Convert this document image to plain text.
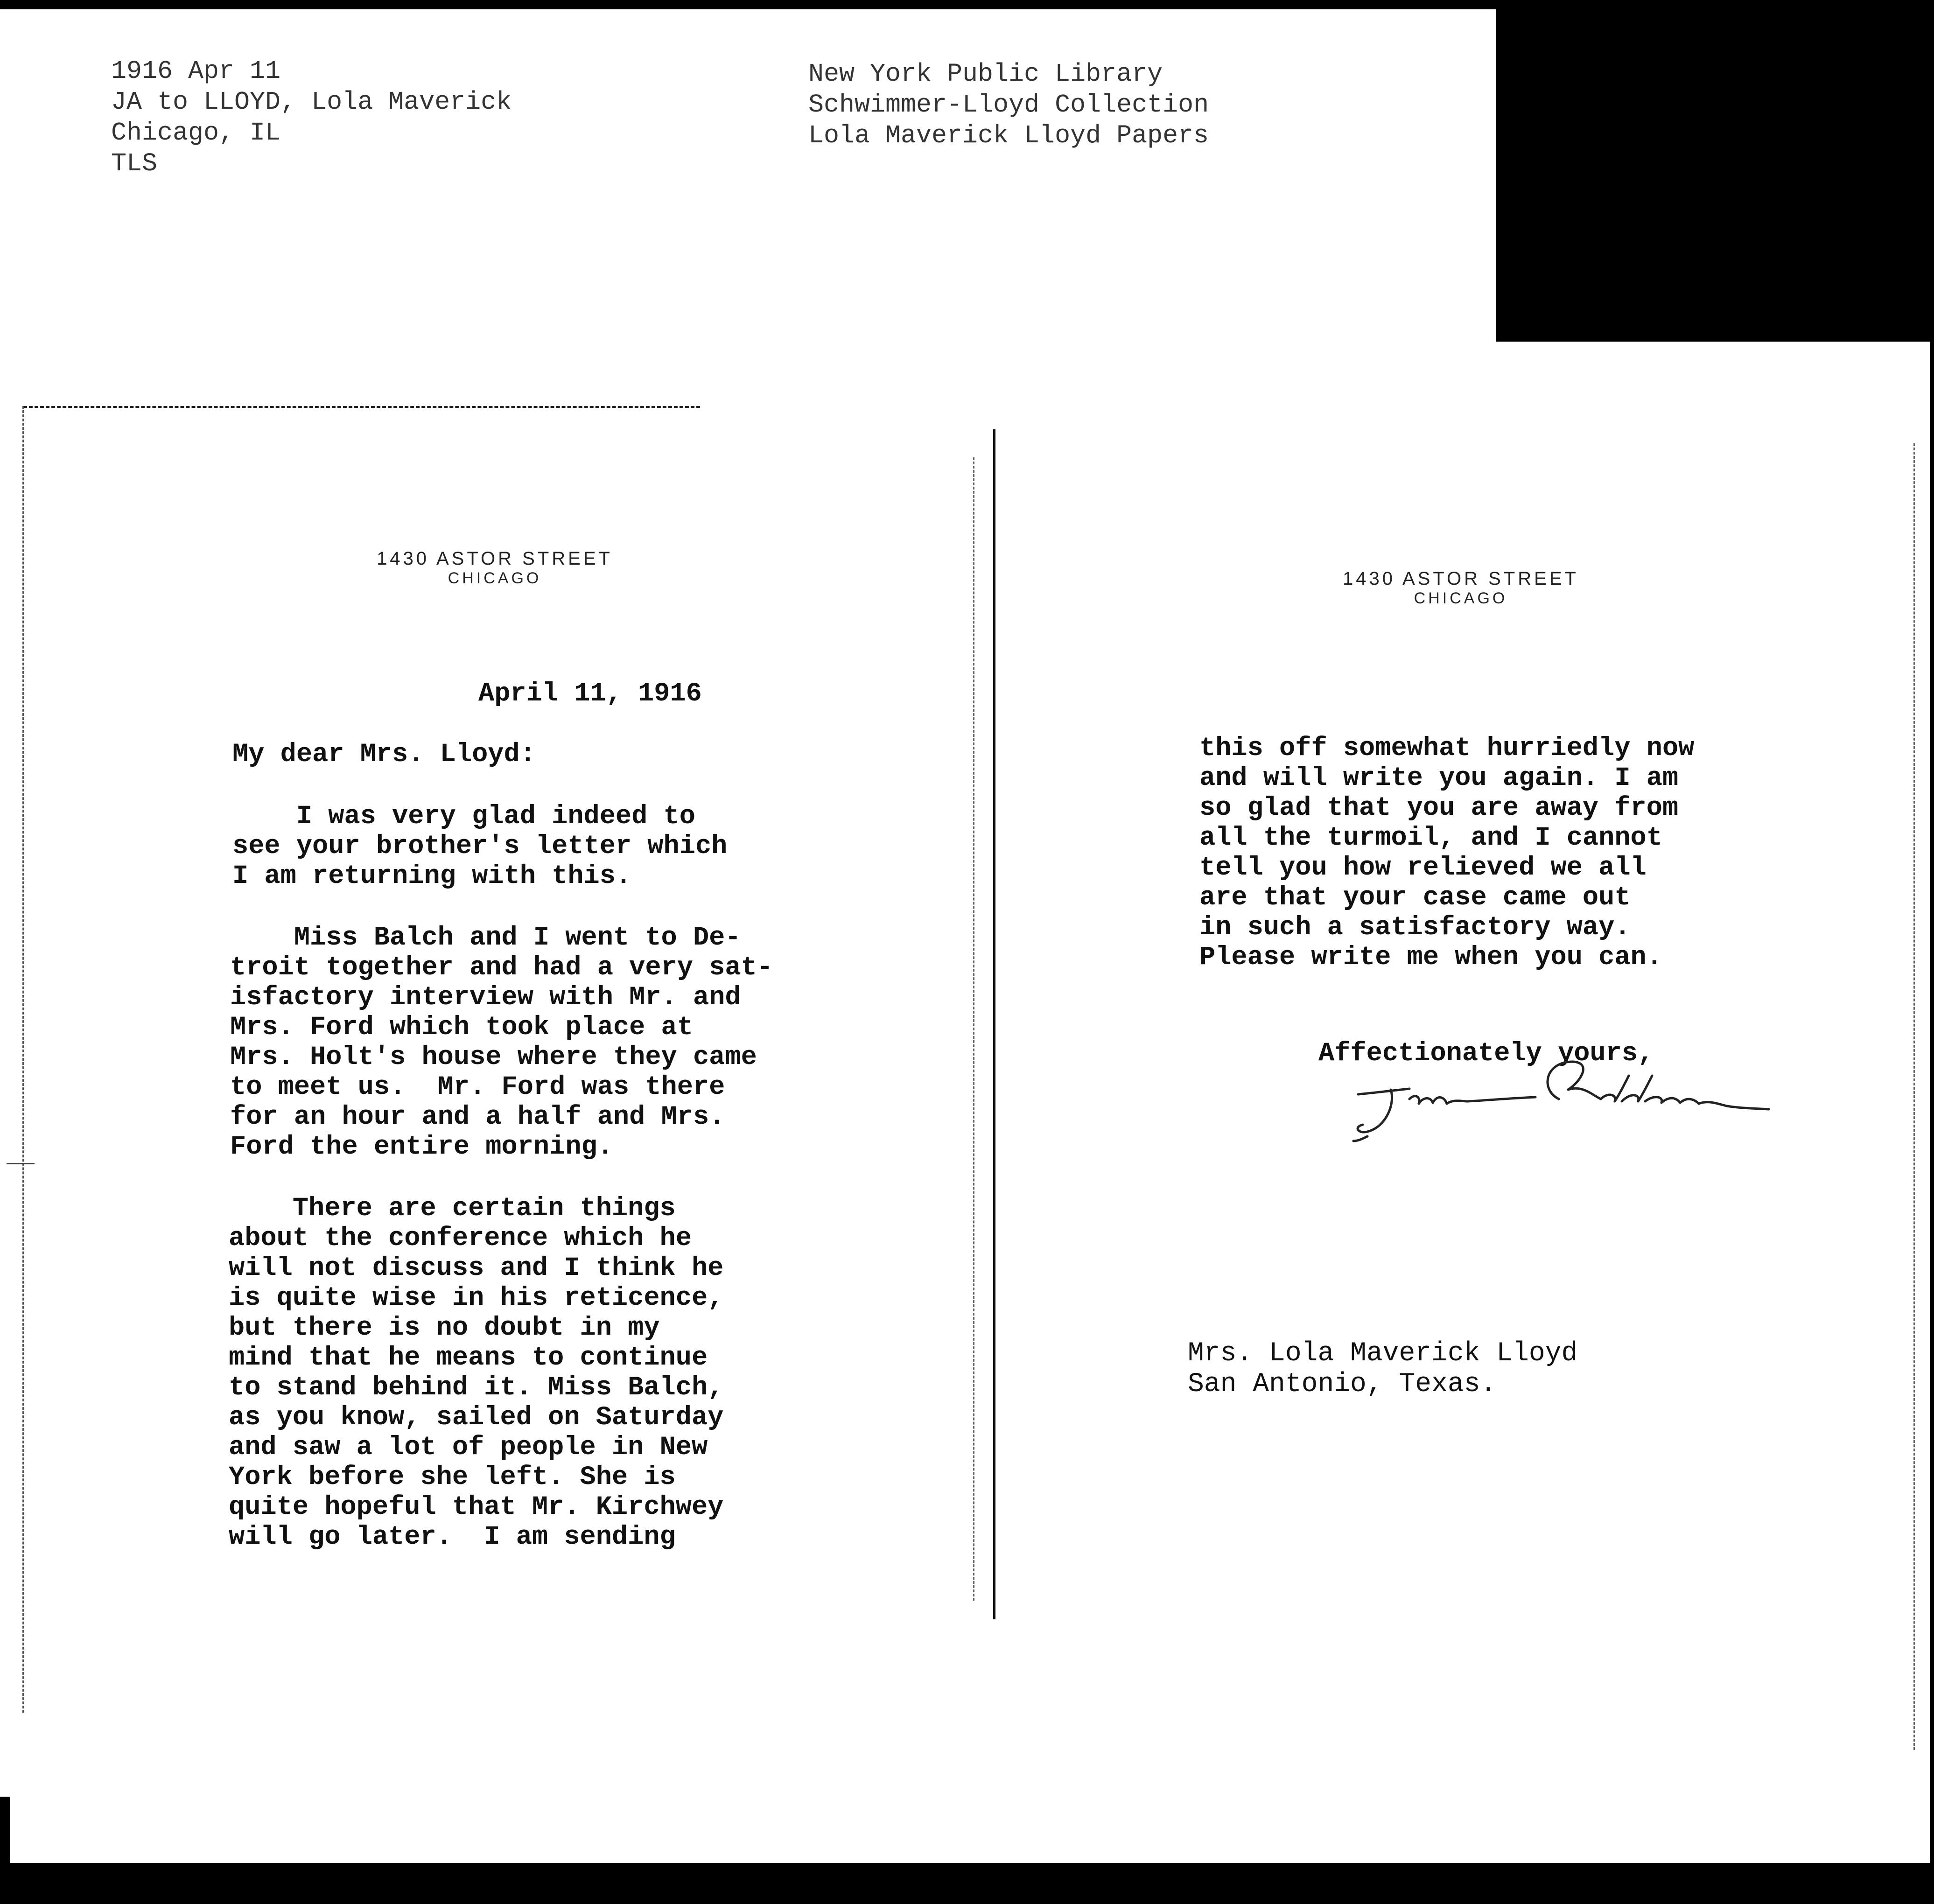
1916 Apr 11
JA to LLOYD, Lola Maverick
Chicago, IL
TLS
New York Public Library
Schwimmer-Lloyd Collection
Lola Maverick Lloyd Papers
1430 ASTOR STREET
CHICAGO
April 11, 1916
My dear Mrs. Lloyd:
I was very glad indeed to
see your brother's letter which
I am returning with this.
Miss Balch and I went to De-
troit together and had a very sat-
isfactory interview with Mr. and
Mrs. Ford which took place at
Mrs. Holt's house where they came
to meet us.  Mr. Ford was there
for an hour and a half and Mrs.
Ford the entire morning.
There are certain things
about the conference which he
will not discuss and I think he
is quite wise in his reticence,
but there is no doubt in my
mind that he means to continue
to stand behind it. Miss Balch,
as you know, sailed on Saturday
and saw a lot of people in New
York before she left. She is
quite hopeful that Mr. Kirchwey
will go later.  I am sending
1430 ASTOR STREET
CHICAGO
this off somewhat hurriedly now
and will write you again. I am
so glad that you are away from
all the turmoil, and I cannot
tell you how relieved we all
are that your case came out
in such a satisfactory way.
Please write me when you can.
Affectionately yours,
Mrs. Lola Maverick Lloyd
San Antonio, Texas.
